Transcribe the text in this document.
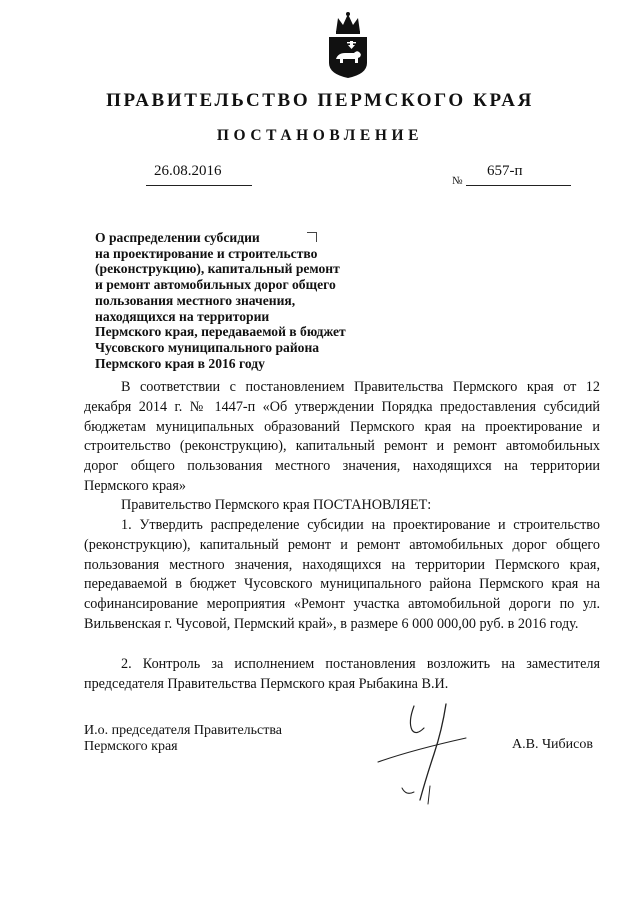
ПРАВИТЕЛЬСТВО ПЕРМСКОГО КРАЯ
ПОСТАНОВЛЕНИЕ
26.08.2016
№
657-п

О распределении субсидии
на проектирование и строительство
(реконструкцию), капитальный ремонт
и ремонт автомобильных дорог общего
пользования местного значения,
находящихся на территории
Пермского края, передаваемой в бюджет
Чусовского муниципального района
Пермского края в 2016 году

В соответствии с постановлением Правительства Пермского края от 12 декабря 2014 г. № 1447-п «Об утверждении Порядка предоставления субсидий бюджетам муниципальных образований Пермского края на проектирование и строительство (реконструкцию), капитальный ремонт и ремонт автомобильных дорог общего пользования местного значения, находящихся на территории Пермского края»

Правительство Пермского края ПОСТАНОВЛЯЕТ:

1. Утвердить распределение субсидии на проектирование и строительство (реконструкцию), капитальный ремонт и ремонт автомобильных дорог общего пользования местного значения, находящихся на территории Пермского края, передаваемой в бюджет Чусовского муниципального района Пермского края на софинансирование мероприятия «Ремонт участка автомобильной дороги по ул. Вильвенская г. Чусовой, Пермский край», в размере 6 000 000,00 руб. в 2016 году.

2. Контроль за исполнением постановления возложить на заместителя председателя Правительства Пермского края Рыбакина В.И.

И.о. председателя Правительства
Пермского края	А.В. Чибисов
